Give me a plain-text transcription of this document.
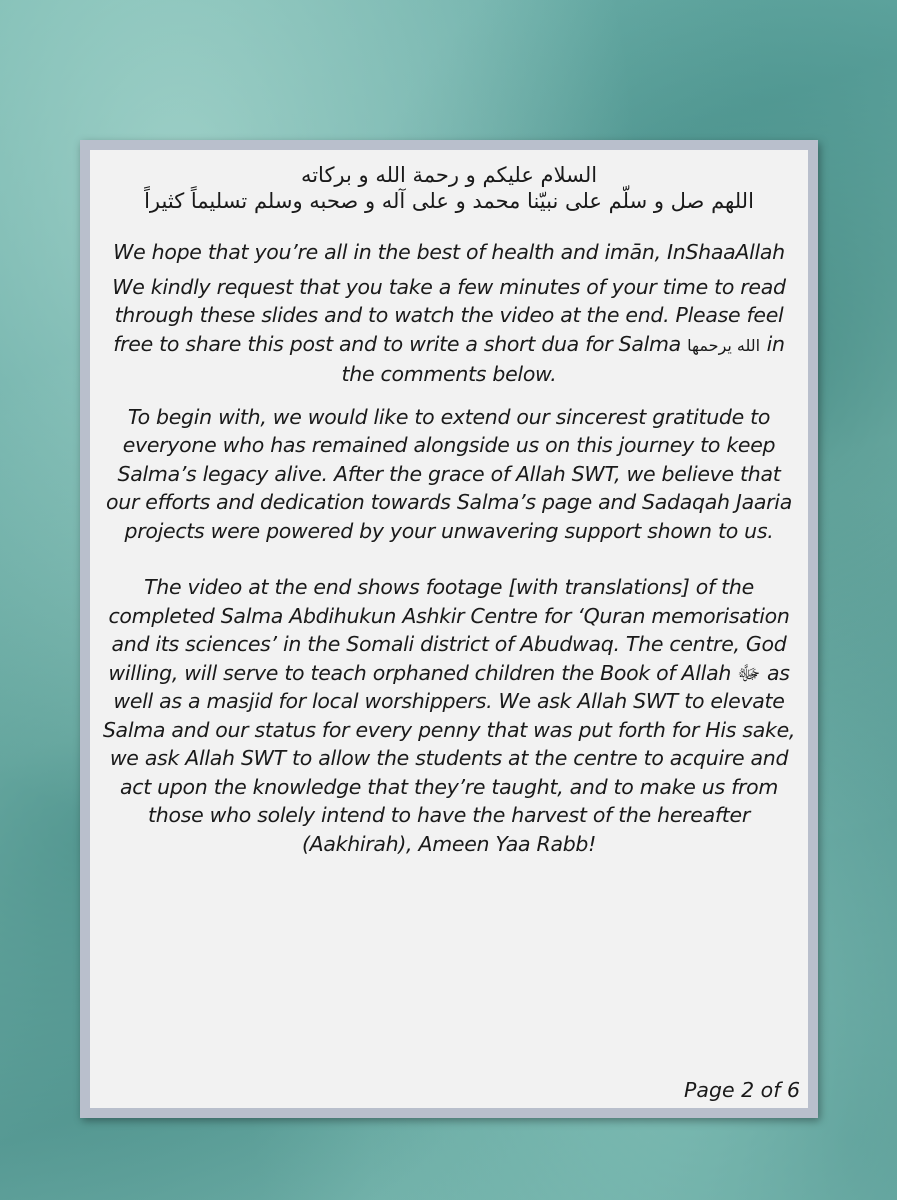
السلام عليكم و رحمة الله و بركاته
اللهم صل و سلّم على نبيّنا محمد و على آله و صحبه وسلم تسليماً كثيراً

We hope that you’re all in the best of health and imān, InShaaAllah

We kindly request that you take a few minutes of your time to read through these slides and to watch the video at the end. Please feel free to share this post and to write a short dua for Salma الله يرحمها in the comments below.

To begin with, we would like to extend our sincerest gratitude to everyone who has remained alongside us on this journey to keep Salma’s legacy alive. After the grace of Allah SWT, we believe that our efforts and dedication towards Salma’s page and Sadaqah Jaaria projects were powered by your unwavering support shown to us.

The video at the end shows footage [with translations] of the completed Salma Abdihukun Ashkir Centre for ‘Quran memorisation and its sciences’ in the Somali district of Abudwaq. The centre, God willing, will serve to teach orphaned children the Book of Allah ﷻ as well as a masjid for local worshippers. We ask Allah SWT to elevate Salma and our status for every penny that was put forth for His sake, we ask Allah SWT to allow the students at the centre to acquire and act upon the knowledge that they’re taught, and to make us from those who solely intend to have the harvest of the hereafter (Aakhirah), Ameen Yaa Rabb!

Page 2 of 6
